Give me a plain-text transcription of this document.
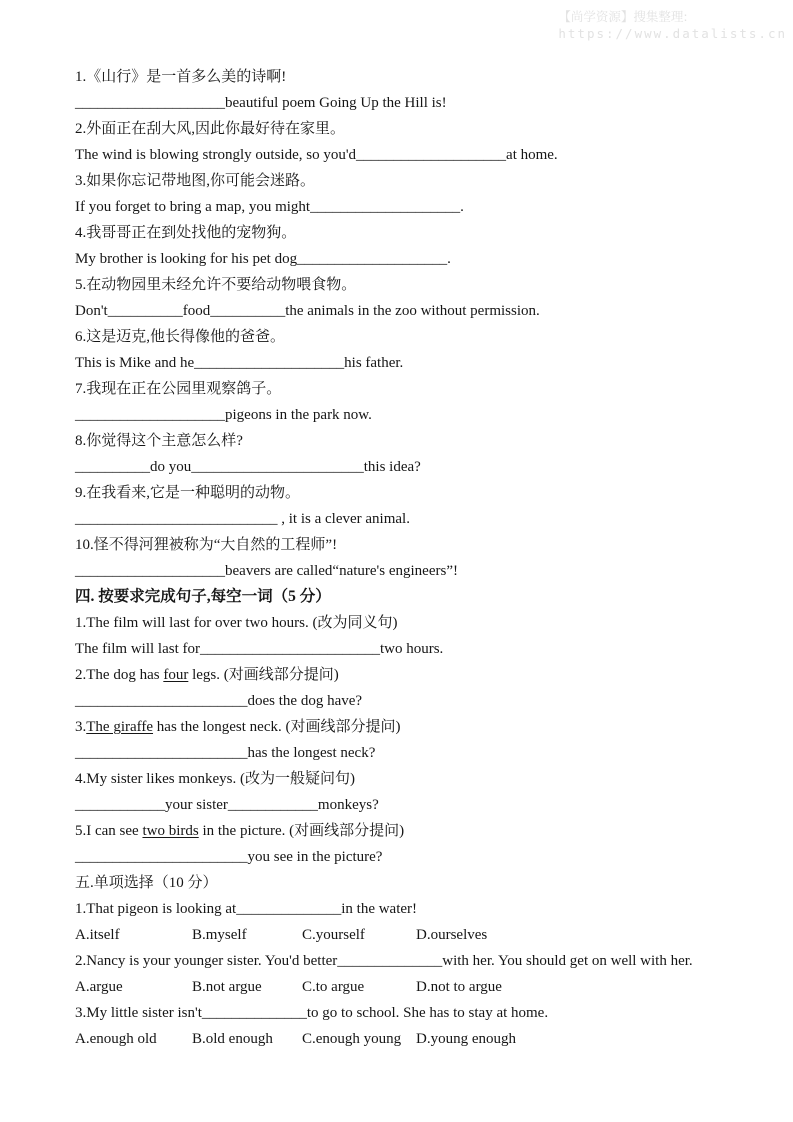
【尚学资源】搜集整理:
https://www.datalists.cn
1.《山行》是一首多么美的诗啊!
____________________beautiful poem Going Up the Hill is!
2.外面正在刮大风,因此你最好待在家里。
The wind is blowing strongly outside, so you'd____________________at home.
3.如果你忘记带地图,你可能会迷路。
If you forget to bring a map, you might____________________.
4.我哥哥正在到处找他的宠物狗。
My brother is looking for his pet dog____________________.
5.在动物园里未经允许不要给动物喂食物。
Don't__________food__________the animals in the zoo without permission.
6.这是迈克,他长得像他的爸爸。
This is Mike and he____________________his father.
7.我现在正在公园里观察鸽子。
____________________pigeons in the park now.
8.你觉得这个主意怎么样?
__________do you_______________________this idea?
9.在我看来,它是一种聪明的动物。
___________________________ , it is a clever animal.
10.怪不得河狸被称为“大自然的工程师”!
____________________beavers are called“nature's engineers”!
四. 按要求完成句子,每空一词（5 分）
1.The film will last for over two hours. (改为同义句)
The film will last for________________________two hours.
2.The dog has four legs. (对画线部分提问)
_______________________does the dog have?
3.The giraffe has the longest neck. (对画线部分提问)
_______________________has the longest neck?
4.My sister likes monkeys. (改为一般疑问句)
____________your sister____________monkeys?
5.I can see two birds in the picture. (对画线部分提问)
_______________________you see in the picture?
五.单项选择（10 分）
1.That pigeon is looking at______________in the water!
A.itself	B.myself	C.yourself	D.ourselves
2.Nancy is your younger sister. You'd better______________with her. You should get on well with her.
A.argue	B.not argue	C.to argue	D.not to argue
3.My little sister isn't______________to go to school. She has to stay at home.
A.enough old B.old enough C.enough young D.young enough
